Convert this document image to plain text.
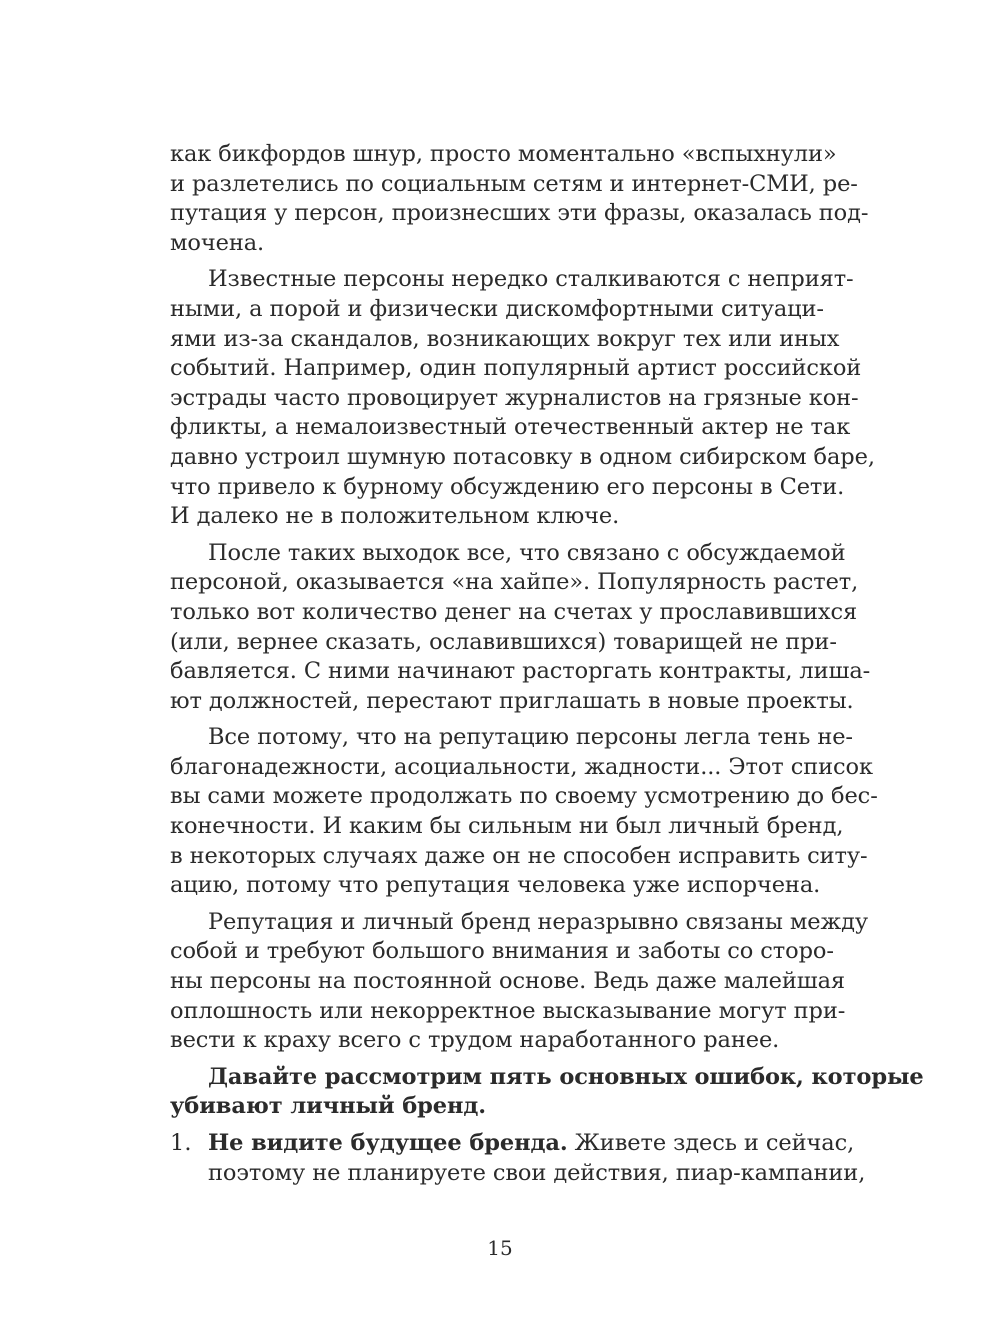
как бикфордов шнур, просто моментально «вспыхнули»
и разлетелись по социальным сетям и интернет-СМИ, ре-
путация у персон, произнесших эти фразы, оказалась под-
мочена.
Известные персоны нередко сталкиваются с неприят-
ными, а порой и физически дискомфортными ситуаци-
ями из-за скандалов, возникающих вокруг тех или иных
событий. Например, один популярный артист российской
эстрады часто провоцирует журналистов на грязные кон-
фликты, а немалоизвестный отечественный актер не так
давно устроил шумную потасовку в одном сибирском баре,
что привело к бурному обсуждению его персоны в Сети.
И далеко не в положительном ключе.
После таких выходок все, что связано с обсуждаемой
персоной, оказывается «на хайпе». Популярность растет,
только вот количество денег на счетах у прославившихся
(или, вернее сказать, ославившихся) товарищей не при-
бавляется. С ними начинают расторгать контракты, лиша-
ют должностей, перестают приглашать в новые проекты.
Все потому, что на репутацию персоны легла тень не-
благонадежности, асоциальности, жадности... Этот список
вы сами можете продолжать по своему усмотрению до бес-
конечности. И каким бы сильным ни был личный бренд,
в некоторых случаях даже он не способен исправить ситу-
ацию, потому что репутация человека уже испорчена.
Репутация и личный бренд неразрывно связаны между
собой и требуют большого внимания и заботы со сторо-
ны персоны на постоянной основе. Ведь даже малейшая
оплошность или некорректное высказывание могут при-
вести к краху всего с трудом наработанного ранее.
Давайте рассмотрим пять основных ошибок, которые
убивают личный бренд.
1. Не видите будущее бренда. Живете здесь и сейчас,
поэтому не планируете свои действия, пиар-кампании,
15
